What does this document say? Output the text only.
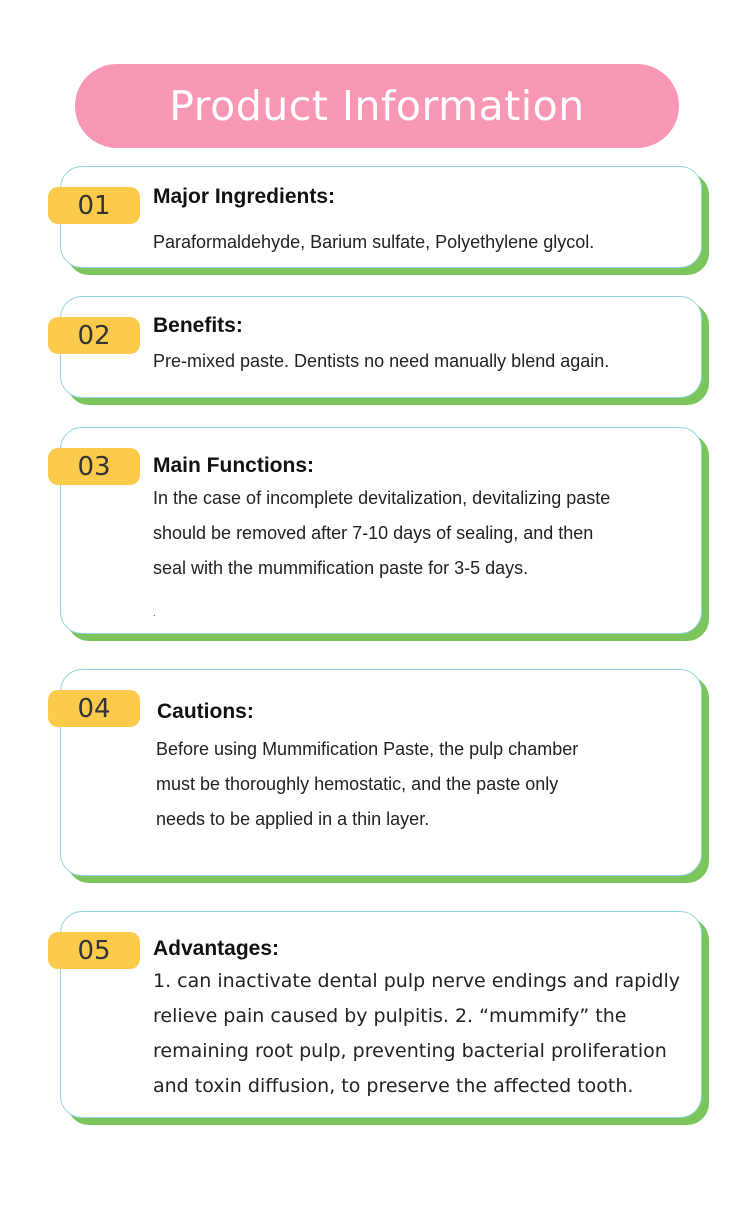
Product Information
01	Major Ingredients:

Paraformaldehyde, Barium sulfate, Polyethylene glycol.

02	Benefits:

Pre-mixed paste. Dentists no need manually blend again.

03	Main Functions:

In the case of incomplete devitalization, devitalizing paste

should be removed after 7-10 days of sealing, and then

seal with the mummification paste for 3-5 days.

.
04	Cautions:

Before using Mummification Paste, the pulp chamber

must be thoroughly hemostatic, and the paste only

needs to be applied in a thin layer.

05	Advantages:

1. can inactivate dental pulp nerve endings and rapidly

relieve pain caused by pulpitis. 2. “mummify” the

remaining root pulp, preventing bacterial proliferation

and toxin diffusion, to preserve the affected tooth.
